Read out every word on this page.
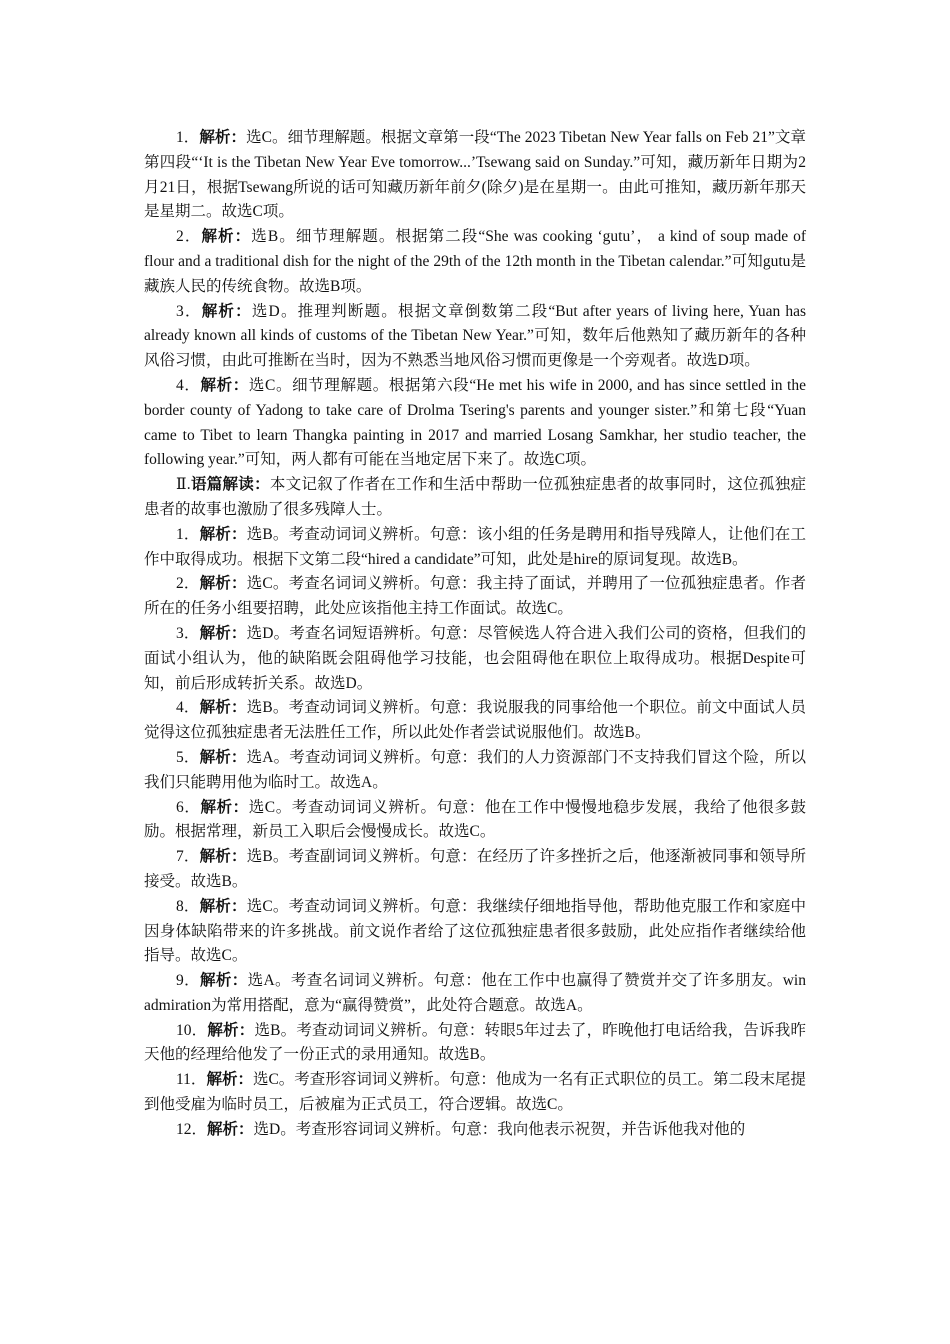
1．解析：选C。细节理解题。根据文章第一段“The 2023 Tibetan New Year falls on Feb 21”文章第四段“‘It is the Tibetan New Year Eve tomorrow...’Tsewang said on Sunday.”可知，藏历新年日期为2月21日，根据Tsewang所说的话可知藏历新年前夕(除夕)是在星期一。由此可推知，藏历新年那天是星期二。故选C项。

2．解析：选B。细节理解题。根据第二段“She was cooking ‘gutu’， a kind of soup made of flour and a traditional dish for the night of the 29th of the 12th month in the Tibetan calendar.”可知gutu是藏族人民的传统食物。故选B项。

3．解析：选D。推理判断题。根据文章倒数第二段“But after years of living here, Yuan has already known all kinds of customs of the Tibetan New Year.”可知，数年后他熟知了藏历新年的各种风俗习惯，由此可推断在当时，因为不熟悉当地风俗习惯而更像是一个旁观者。故选D项。

4．解析：选C。细节理解题。根据第六段“He met his wife in 2000, and has since settled in the border county of Yadong to take care of Drolma Tsering's parents and younger sister.”和第七段“Yuan came to Tibet to learn Thangka painting in 2017 and married Losang Samkhar, her studio teacher, the following year.”可知，两人都有可能在当地定居下来了。故选C项。

Ⅱ.语篇解读：本文记叙了作者在工作和生活中帮助一位孤独症患者的故事同时，这位孤独症患者的故事也激励了很多残障人士。

1．解析：选B。考查动词词义辨析。句意：该小组的任务是聘用和指导残障人，让他们在工作中取得成功。根据下文第二段“hired a candidate”可知，此处是hire的原词复现。故选B。

2．解析：选C。考查名词词义辨析。句意：我主持了面试，并聘用了一位孤独症患者。作者所在的任务小组要招聘，此处应该指他主持工作面试。故选C。

3．解析：选D。考查名词短语辨析。句意：尽管候选人符合进入我们公司的资格，但我们的面试小组认为，他的缺陷既会阻碍他学习技能，也会阻碍他在职位上取得成功。根据Despite可知，前后形成转折关系。故选D。

4．解析：选B。考查动词词义辨析。句意：我说服我的同事给他一个职位。前文中面试人员觉得这位孤独症患者无法胜任工作，所以此处作者尝试说服他们。故选B。

5．解析：选A。考查动词词义辨析。句意：我们的人力资源部门不支持我们冒这个险，所以我们只能聘用他为临时工。故选A。

6．解析：选C。考查动词词义辨析。句意：他在工作中慢慢地稳步发展，我给了他很多鼓励。根据常理，新员工入职后会慢慢成长。故选C。

7．解析：选B。考查副词词义辨析。句意：在经历了许多挫折之后，他逐渐被同事和领导所接受。故选B。

8．解析：选C。考查动词词义辨析。句意：我继续仔细地指导他，帮助他克服工作和家庭中因身体缺陷带来的许多挑战。前文说作者给了这位孤独症患者很多鼓励，此处应指作者继续给他指导。故选C。

9．解析：选A。考查名词词义辨析。句意：他在工作中也赢得了赞赏并交了许多朋友。win admiration为常用搭配，意为“赢得赞赏”，此处符合题意。故选A。

10．解析：选B。考查动词词义辨析。句意：转眼5年过去了，昨晚他打电话给我，告诉我昨天他的经理给他发了一份正式的录用通知。故选B。

11．解析：选C。考查形容词词义辨析。句意：他成为一名有正式职位的员工。第二段末尾提到他受雇为临时员工，后被雇为正式员工，符合逻辑。故选C。

12．解析：选D。考查形容词词义辨析。句意：我向他表示祝贺，并告诉他我对他的
